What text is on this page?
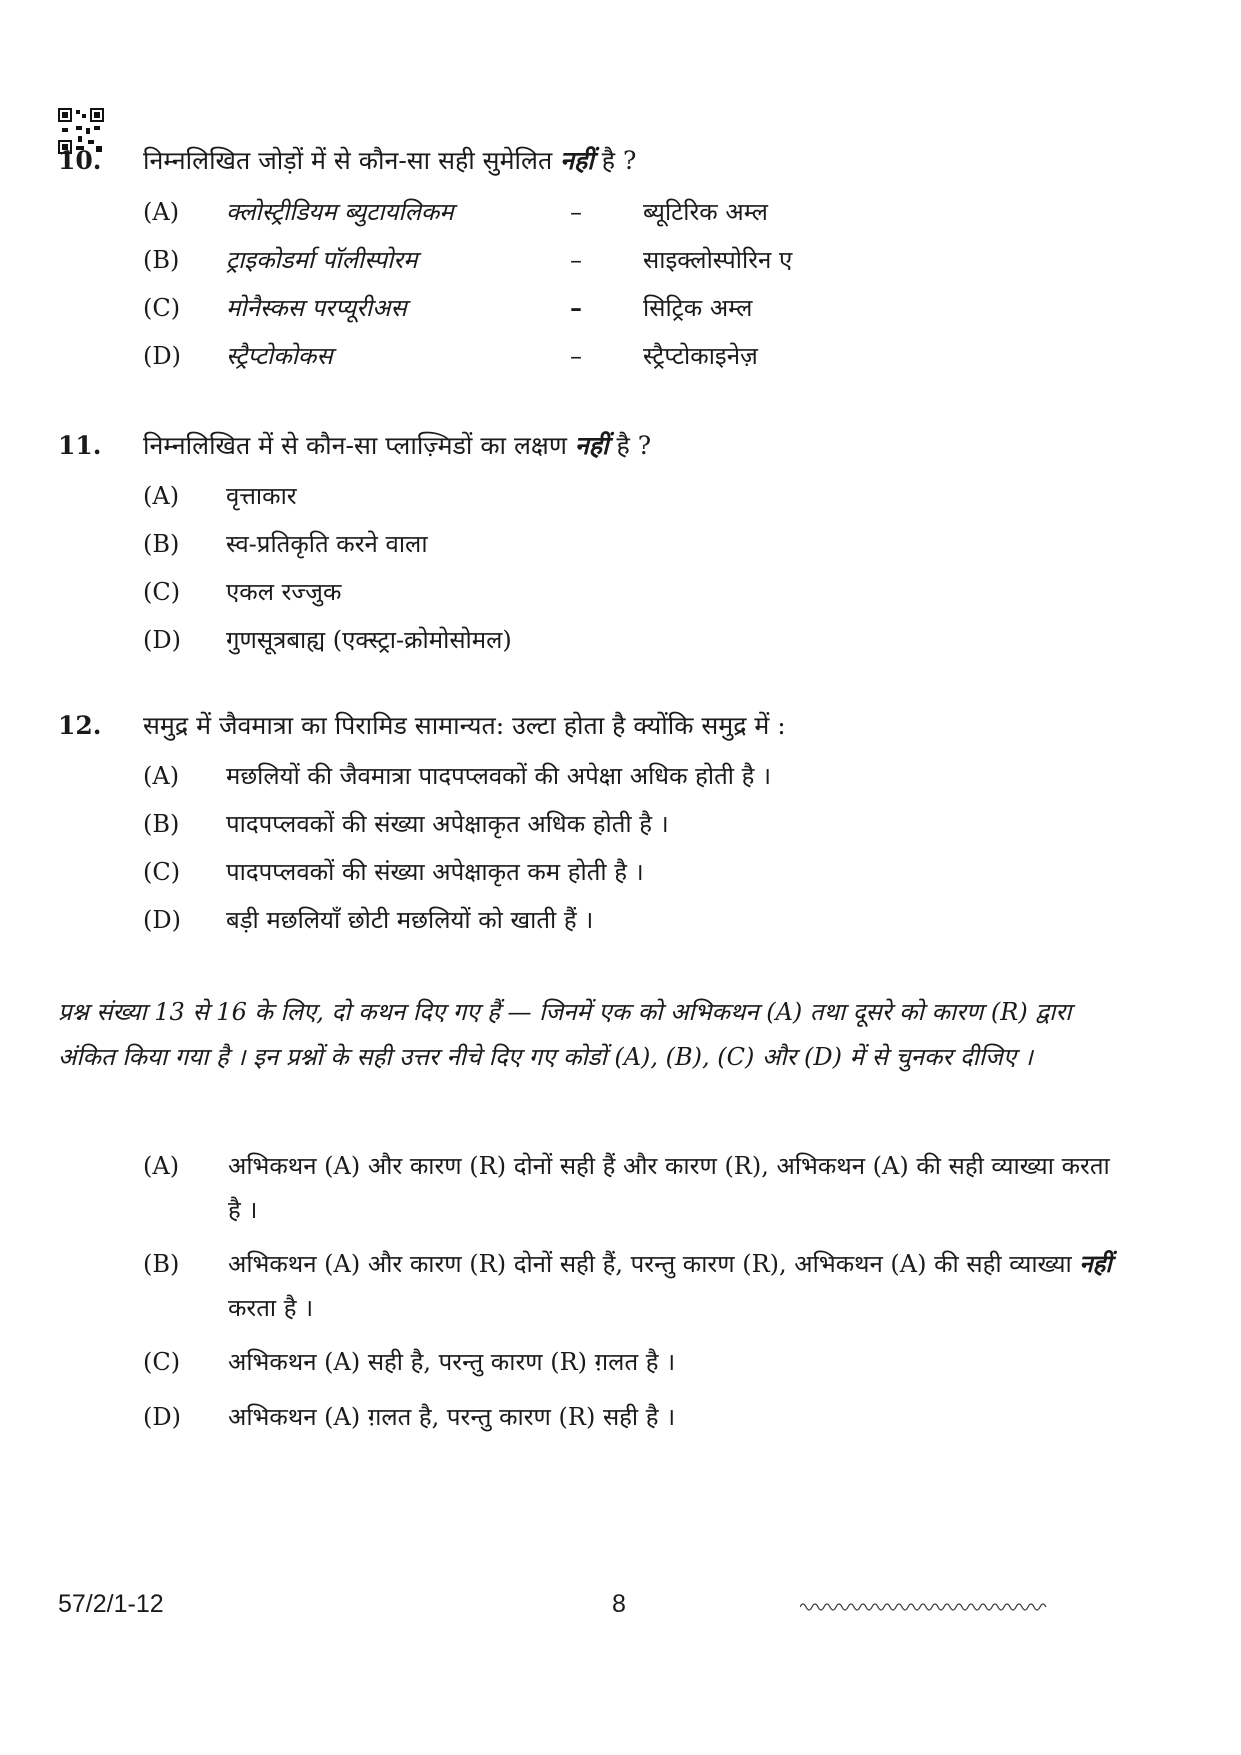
10. निम्नलिखित जोड़ों में से कौन-सा सही सुमेलित नहीं है ?
(A) क्लोस्ट्रीडियम ब्युटायलिकम	–	ब्यूटिरिक अम्ल
(B) ट्राइकोडर्मा पॉलीस्पोरम	–	साइक्लोस्पोरिन ए
(C) मोनैस्कस परप्यूरीअस	–	सिट्रिक अम्ल
(D) स्ट्रैप्टोकोकस	–	स्ट्रैप्टोकाइनेज़
11. निम्नलिखित में से कौन-सा प्लाज़्मिडों का लक्षण नहीं है ?
(A) वृत्ताकार
(B) स्व-प्रतिकृति करने वाला
(C) एकल रज्जुक
(D) गुणसूत्रबाह्य (एक्स्ट्रा-क्रोमोसोमल)
12. समुद्र में जैवमात्रा का पिरामिड सामान्यत: उल्टा होता है क्योंकि समुद्र में :
(A) मछलियों की जैवमात्रा पादपप्लवकों की अपेक्षा अधिक होती है ।
(B) पादपप्लवकों की संख्या अपेक्षाकृत अधिक होती है ।
(C) पादपप्लवकों की संख्या अपेक्षाकृत कम होती है ।
(D) बड़ी मछलियाँ छोटी मछलियों को खाती हैं ।
प्रश्न संख्या 13 से 16 के लिए, दो कथन दिए गए हैं — जिनमें एक को अभिकथन (A) तथा दूसरे को कारण (R) द्वारा अंकित किया गया है । इन प्रश्नों के सही उत्तर नीचे दिए गए कोडों (A), (B), (C) और (D) में से चुनकर दीजिए ।
(A) अभिकथन (A) और कारण (R) दोनों सही हैं और कारण (R), अभिकथन (A) की सही व्याख्या करता है ।
(B) अभिकथन (A) और कारण (R) दोनों सही हैं, परन्तु कारण (R), अभिकथन (A) की सही व्याख्या नहीं करता है ।
(C) अभिकथन (A) सही है, परन्तु कारण (R) ग़लत है ।
(D) अभिकथन (A) ग़लत है, परन्तु कारण (R) सही है ।
57/2/1-12	8
